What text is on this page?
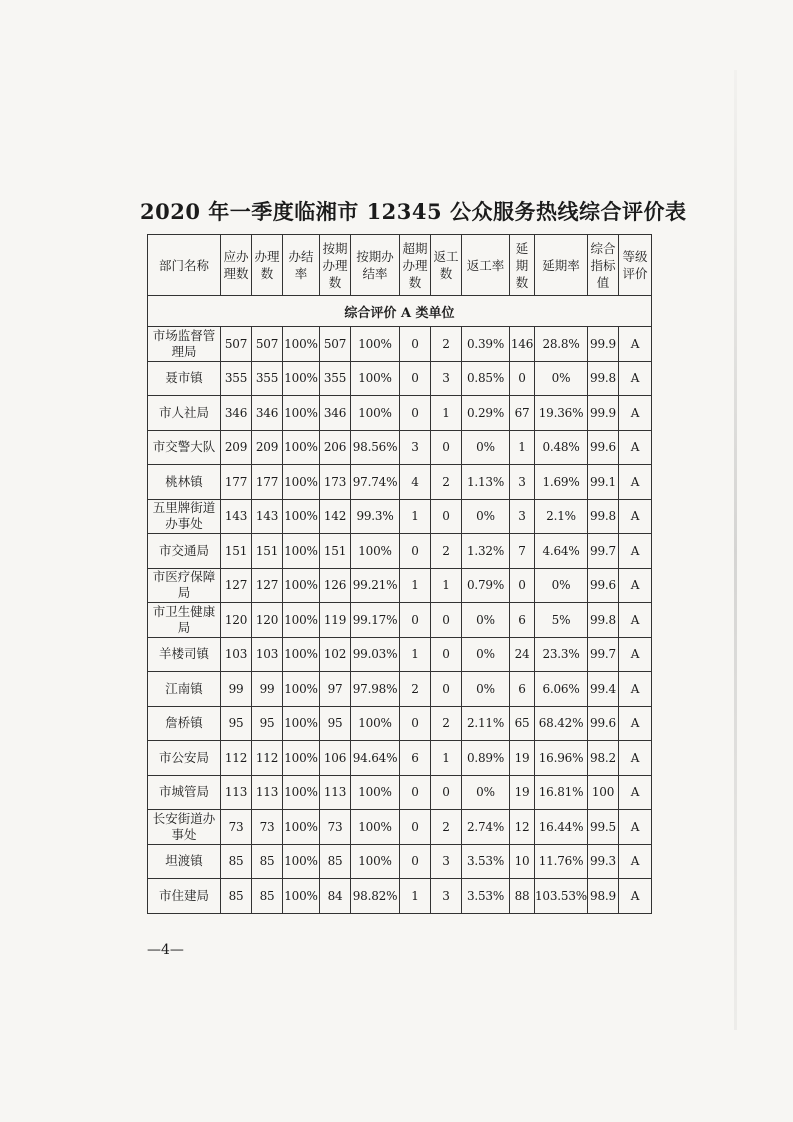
2020 年一季度临湘市 12345 公众服务热线综合评价表
部门名称	应办理数	办理数	办结率	按期办理数	按期办结率	超期办理数	返工数	返工率	延期数	延期率	综合指标值	等级评价
综合评价 A 类单位												
市场监督管理局	507	507	100%	507	100%	0	2	0.39%	146	28.8%	99.9	A
聂市镇	355	355	100%	355	100%	0	3	0.85%	0	0%	99.8	A
市人社局	346	346	100%	346	100%	0	1	0.29%	67	19.36%	99.9	A
市交警大队	209	209	100%	206	98.56%	3	0	0%	1	0.48%	99.6	A
桃林镇	177	177	100%	173	97.74%	4	2	1.13%	3	1.69%	99.1	A
五里牌街道办事处	143	143	100%	142	99.3%	1	0	0%	3	2.1%	99.8	A
市交通局	151	151	100%	151	100%	0	2	1.32%	7	4.64%	99.7	A
市医疗保障局	127	127	100%	126	99.21%	1	1	0.79%	0	0%	99.6	A
市卫生健康局	120	120	100%	119	99.17%	0	0	0%	6	5%	99.8	A
羊楼司镇	103	103	100%	102	99.03%	1	0	0%	24	23.3%	99.7	A
江南镇	99	99	100%	97	97.98%	2	0	0%	6	6.06%	99.4	A
詹桥镇	95	95	100%	95	100%	0	2	2.11%	65	68.42%	99.6	A
市公安局	112	112	100%	106	94.64%	6	1	0.89%	19	16.96%	98.2	A
市城管局	113	113	100%	113	100%	0	0	0%	19	16.81%	100	A
长安街道办事处	73	73	100%	73	100%	0	2	2.74%	12	16.44%	99.5	A
坦渡镇	85	85	100%	85	100%	0	3	3.53%	10	11.76%	99.3	A
市住建局	85	85	100%	84	98.82%	1	3	3.53%	88	103.53%	98.9	A
—4—
